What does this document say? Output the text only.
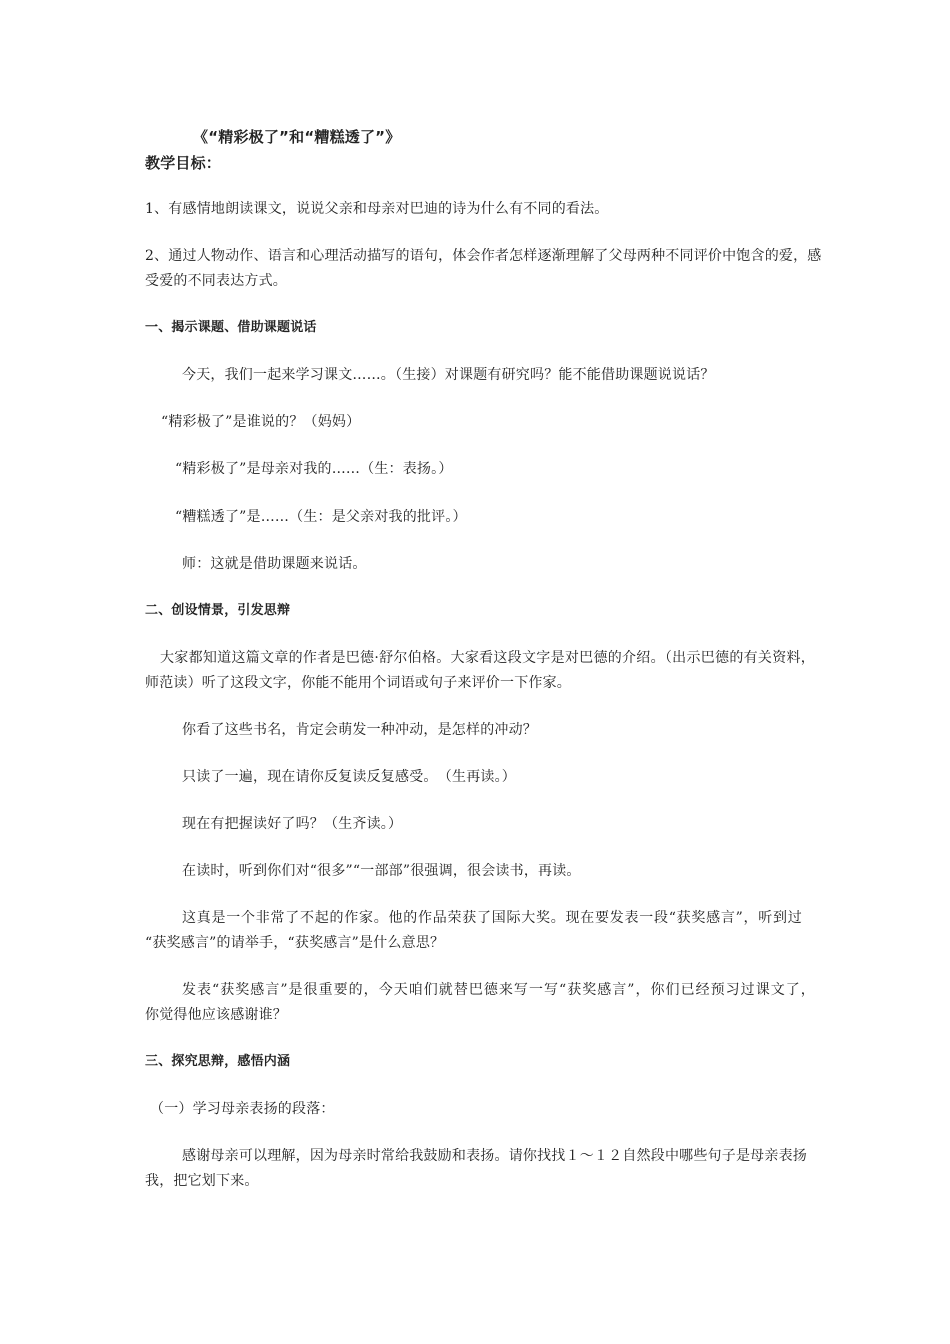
《“精彩极了”和“糟糕透了”》
教学目标：
1、有感情地朗读课文，说说父亲和母亲对巴迪的诗为什么有不同的看法。
2、通过人物动作、语言和心理活动描写的语句，体会作者怎样逐渐理解了父母两种不同评价中饱含的爱，感
受爱的不同表达方式。
一、揭示课题、借助课题说话
今天，我们一起来学习课文……。（生接）对课题有研究吗？能不能借助课题说说话？
“精彩极了”是谁说的？（妈妈）
“精彩极了”是母亲对我的……（生：表扬。）
“糟糕透了”是……（生：是父亲对我的批评。）
师：这就是借助课题来说话。
二、创设情景，引发思辩
大家都知道这篇文章的作者是巴德·舒尔伯格。大家看这段文字是对巴德的介绍。（出示巴德的有关资料，
师范读）听了这段文字，你能不能用个词语或句子来评价一下作家。
你看了这些书名，肯定会萌发一种冲动，是怎样的冲动？
只读了一遍，现在请你反复读反复感受。　（生再读。）
现在有把握读好了吗？（生齐读。）
在读时，听到你们对“很多”“一部部”很强调，很会读书，再读。
这真是一个非常了不起的作家。他的作品荣获了国际大奖。现在要发表一段“获奖感言”，听到过
“获奖感言”的请举手，“获奖感言”是什么意思？
发表“获奖感言”是很重要的，今天咱们就替巴德来写一写“获奖感言”，你们已经预习过课文了，
你觉得他应该感谢谁？
三、探究思辩，感悟内涵
（一）学习母亲表扬的段落：
感谢母亲可以理解，因为母亲时常给我鼓励和表扬。请你找找１～１２自然段中哪些句子是母亲表扬
我，把它划下来。
